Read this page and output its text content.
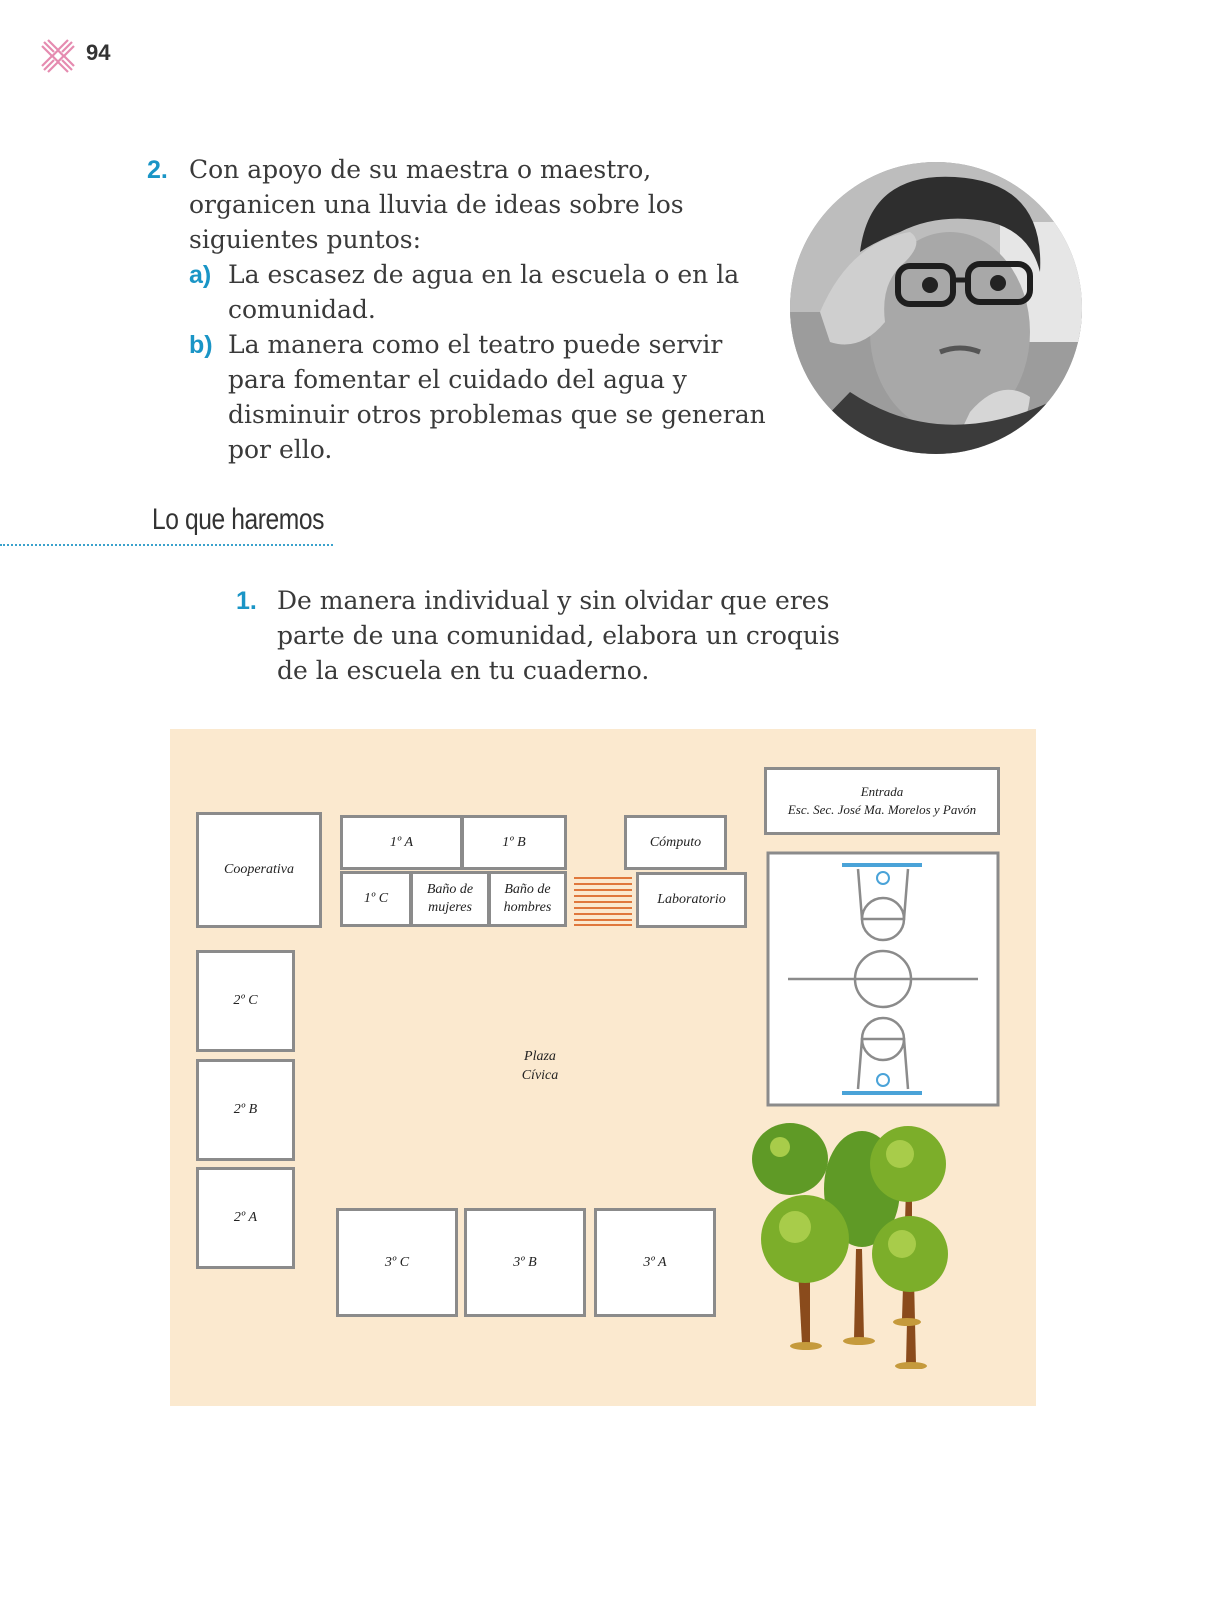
94
2. Con apoyo de su maestra o maestro,
organicen una lluvia de ideas sobre los
siguientes puntos:
a) La escasez de agua en la escuela o en la
comunidad.
b) La manera como el teatro puede servir
para fomentar el cuidado del agua y
disminuir otros problemas que se generan
por ello.
Lo que haremos
1. De manera individual y sin olvidar que eres
parte de una comunidad, elabora un croquis
de la escuela en tu cuaderno.
Entrada
Esc. Sec. José Ma. Morelos y Pavón
Cooperativa
1º A	1º B
1º C
Baño de
mujeres
Baño de
hombres
Cómputo
Laboratorio
2º C
2º B
2º A
Plaza
Cívica
3º C	3º B	3º A
